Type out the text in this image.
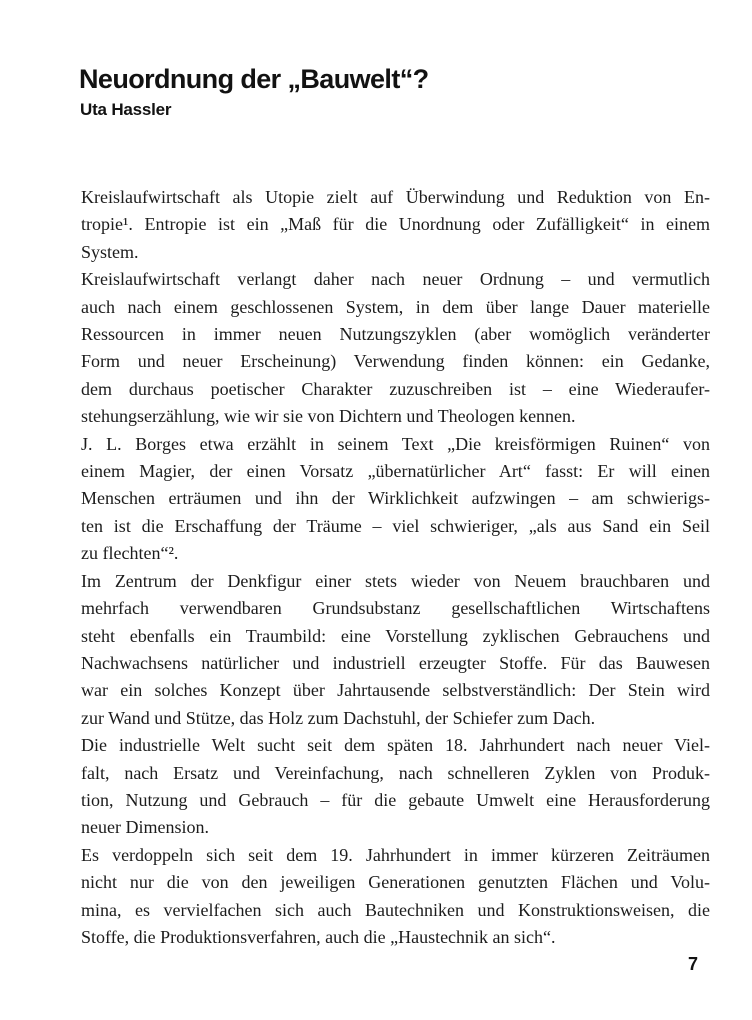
Neuordnung der „Bauwelt“?
Uta Hassler
Kreislaufwirtschaft als Utopie zielt auf Überwindung und Reduktion von En-
tropie¹. Entropie ist ein „Maß für die Unordnung oder Zufälligkeit“ in einem
System.
Kreislaufwirtschaft verlangt daher nach neuer Ordnung – und vermutlich
auch nach einem geschlossenen System, in dem über lange Dauer materielle
Ressourcen in immer neuen Nutzungszyklen (aber womöglich veränderter
Form und neuer Erscheinung) Verwendung finden können: ein Gedanke,
dem durchaus poetischer Charakter zuzuschreiben ist – eine Wiederaufer-
stehungserzählung, wie wir sie von Dichtern und Theologen kennen.
J. L. Borges etwa erzählt in seinem Text „Die kreisförmigen Ruinen“ von
einem Magier, der einen Vorsatz „übernatürlicher Art“ fasst: Er will einen
Menschen erträumen und ihn der Wirklichkeit aufzwingen – am schwierigs-
ten ist die Erschaffung der Träume – viel schwieriger, „als aus Sand ein Seil
zu flechten“².
Im Zentrum der Denkfigur einer stets wieder von Neuem brauchbaren und
mehrfach verwendbaren Grundsubstanz gesellschaftlichen Wirtschaftens
steht ebenfalls ein Traumbild: eine Vorstellung zyklischen Gebrauchens und
Nachwachsens natürlicher und industriell erzeugter Stoffe. Für das Bauwesen
war ein solches Konzept über Jahrtausende selbstverständlich: Der Stein wird
zur Wand und Stütze, das Holz zum Dachstuhl, der Schiefer zum Dach.
Die industrielle Welt sucht seit dem späten 18. Jahrhundert nach neuer Viel-
falt, nach Ersatz und Vereinfachung, nach schnelleren Zyklen von Produk-
tion, Nutzung und Gebrauch – für die gebaute Umwelt eine Herausforderung
neuer Dimension.
Es verdoppeln sich seit dem 19. Jahrhundert in immer kürzeren Zeiträumen
nicht nur die von den jeweiligen Generationen genutzten Flächen und Volu-
mina, es vervielfachen sich auch Bautechniken und Konstruktionsweisen, die
Stoffe, die Produktionsverfahren, auch die „Haustechnik an sich“.
7
